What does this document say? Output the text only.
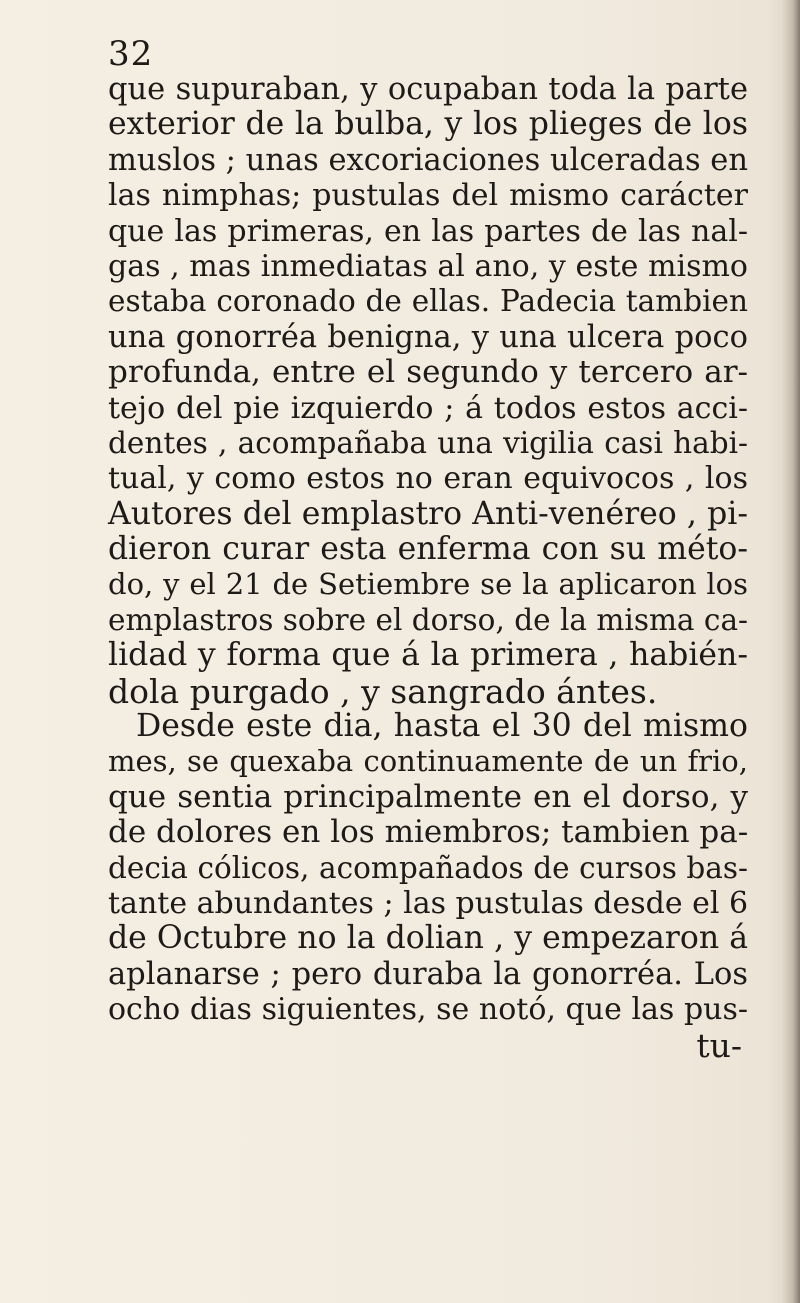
32
que supuraban, y ocupaban toda la parte
exterior de la bulba, y los plieges de los
muslos ; unas excoriaciones ulceradas en
las nimphas; pustulas del mismo carácter
que las primeras, en las partes de las nal-
gas , mas inmediatas al ano, y este mismo
estaba coronado de ellas. Padecia tambien
una gonorréa benigna, y una ulcera poco
profunda, entre el segundo y tercero ar-
tejo del pie izquierdo ; á todos estos acci-
dentes , acompañaba una vigilia casi habi-
tual, y como estos no eran equivocos , los
Autores del emplastro Anti-venéreo , pi-
dieron curar esta enferma con su méto-
do, y el 21 de Setiembre se la aplicaron los
emplastros sobre el dorso, de la misma ca-
lidad y forma que á la primera , habién-
dola purgado , y sangrado ántes.
Desde este dia, hasta el 30 del mismo
mes, se quexaba continuamente de un frio,
que sentia principalmente en el dorso, y
de dolores en los miembros; tambien pa-
decia cólicos, acompañados de cursos bas-
tante abundantes ; las pustulas desde el 6
de Octubre no la dolian , y empezaron á
aplanarse ; pero duraba la gonorréa. Los
ocho dias siguientes, se notó, que las pus-
tu-
